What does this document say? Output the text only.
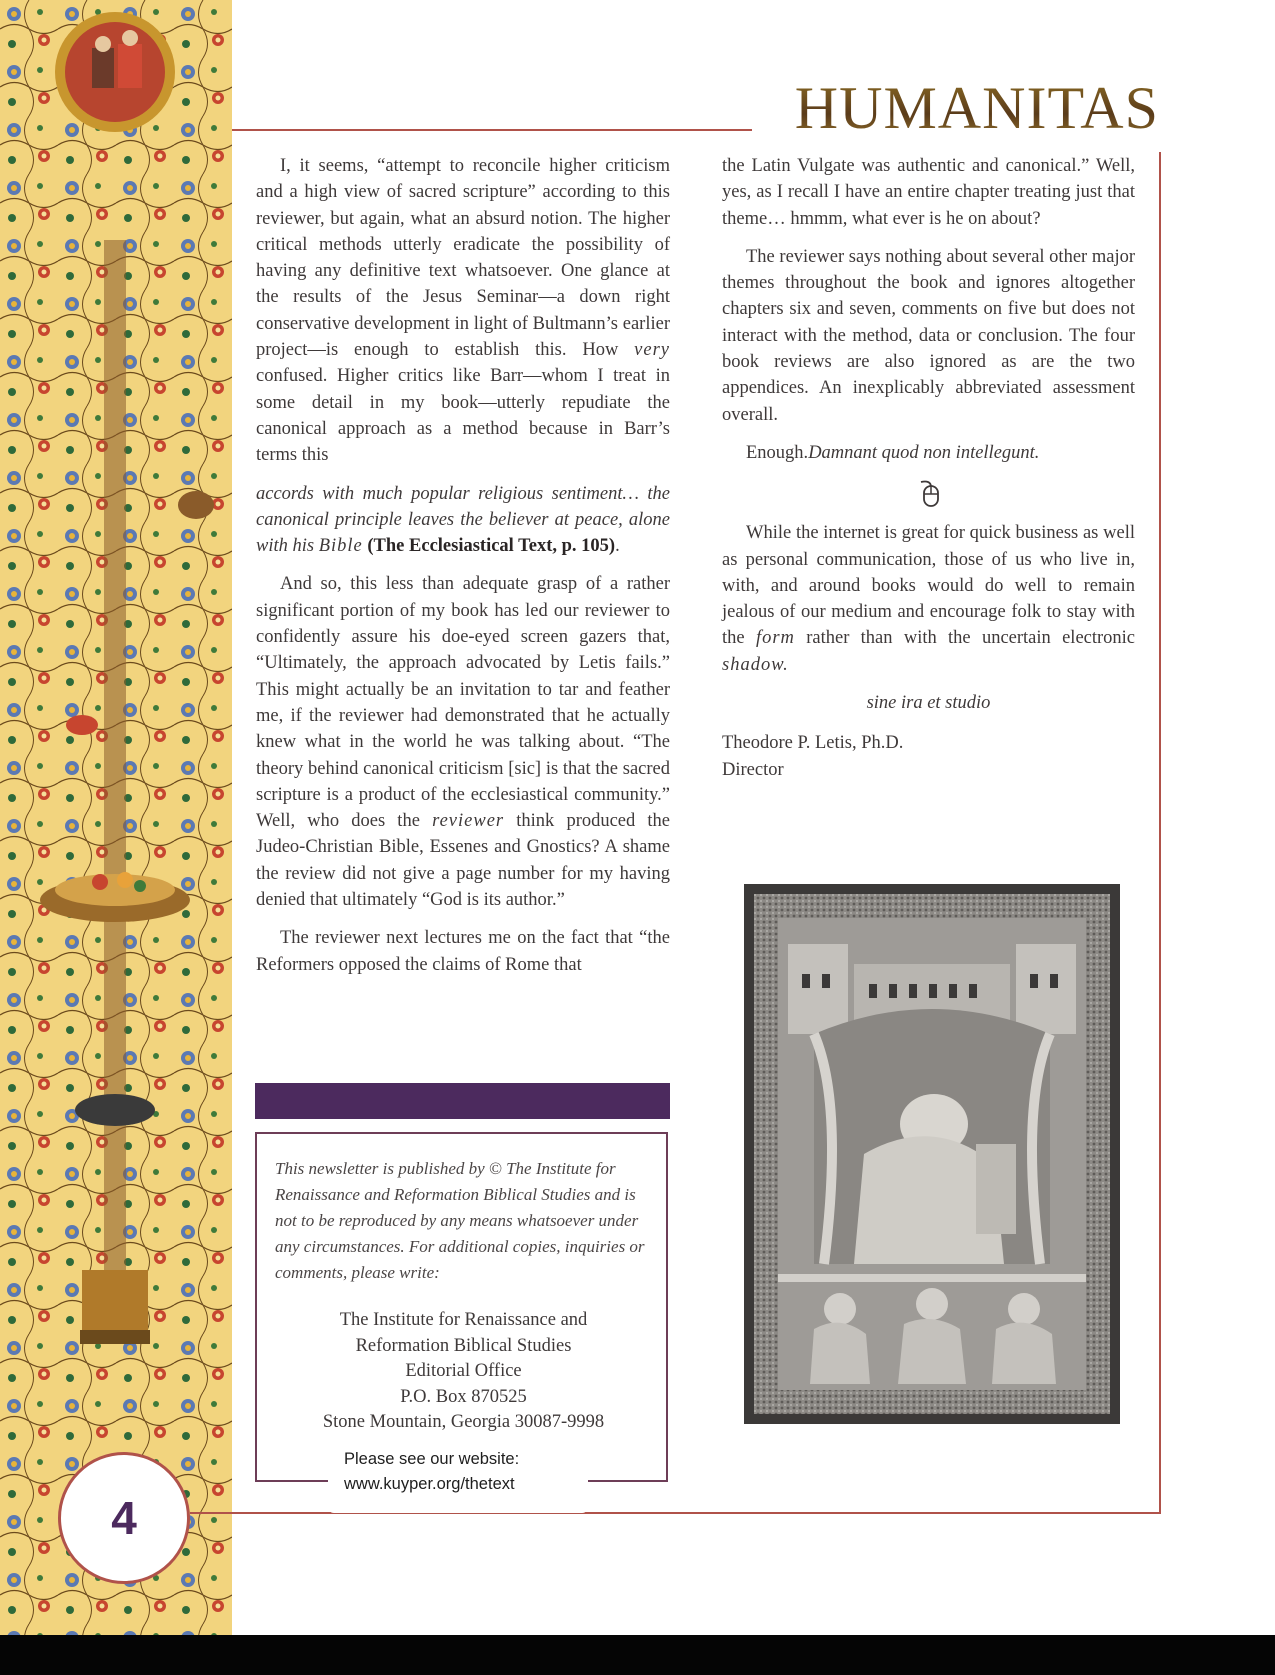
HUMANITAS

I, it seems, “attempt to reconcile higher criticism and a high view of sacred scripture” according to this reviewer, but again, what an absurd notion. The higher critical methods utterly eradicate the possibility of having any definitive text whatsoever. One glance at the results of the Jesus Seminar—a down right conservative development in light of Bultmann’s earlier project—is enough to establish this. How very confused. Higher critics like Barr—whom I treat in some detail in my book—utterly repudiate the canonical approach as a method because in Barr’s terms this

accords with much popular religious sentiment… the canonical principle leaves the believer at peace, alone with his Bible (The Ecclesiastical Text, p. 105).

And so, this less than adequate grasp of a rather significant portion of my book has led our reviewer to confidently assure his doe-eyed screen gazers that, “Ultimately, the approach advocated by Letis fails.” This might actually be an invitation to tar and feather me, if the reviewer had demonstrated that he actually knew what in the world he was talking about. “The theory behind canonical criticism [sic] is that the sacred scripture is a product of the ecclesiastical community.” Well, who does the reviewer think produced the Judeo-Christian Bible, Essenes and Gnostics? A shame the review did not give a page number for my having denied that ultimately “God is its author.”

The reviewer next lectures me on the fact that “the Reformers opposed the claims of Rome that

the Latin Vulgate was authentic and canonical.” Well, yes, as I recall I have an entire chapter treating just that theme… hmmm, what ever is he on about?

The reviewer says nothing about several other major themes throughout the book and ignores altogether chapters six and seven, comments on five but does not interact with the method, data or conclusion. The four book reviews are also ignored as are the two appendices. An inexplicably abbreviated assessment overall.

Enough.Damnant quod non intellegunt.

While the internet is great for quick business as well as personal communication, those of us who live in, with, and around books would do well to remain jealous of our medium and encourage folk to stay with the form rather than with the uncertain electronic shadow.

sine ira et studio

Theodore P. Letis, Ph.D.
Director
This newsletter is published by © The Institute for Renaissance and Reformation Biblical Studies and is not to be reproduced by any means whatsoever under any circumstances. For additional copies, inquiries or comments, please write:
The Institute for Renaissance and
Reformation Biblical Studies
Editorial Office
P.O. Box 870525
Stone Mountain, Georgia 30087-9998
Please see our website:
www.kuyper.org/thetext
4
